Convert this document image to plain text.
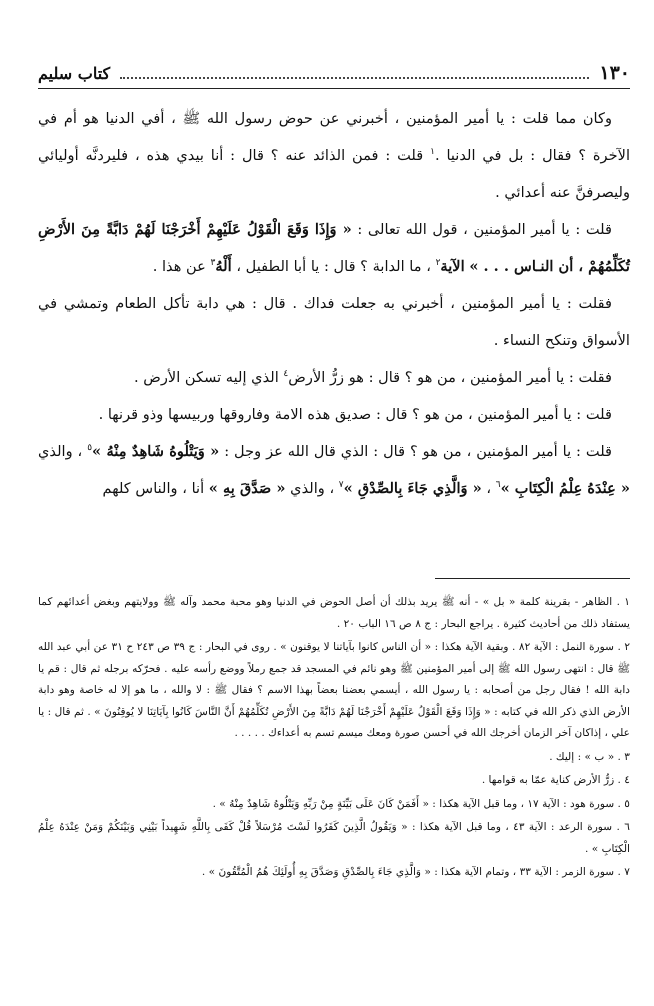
١٣٠
كتاب سليم

وكان مما قلت : يا أمير المؤمنين ، أخبرني عن حوض رسول الله ﷺ ، أفي الدنيا هو أم في الآخرة ؟ فقال : بل في الدنيا .$^١$ قلت : فمن الذائد عنه ؟ قال : أنا بيدي هذه ، فليردنَّه أوليائي وليصرفنَّ عنه أعدائي .

قلت : يا أمير المؤمنين ، قول الله تعالى : « وَإِذَا وَقَعَ الْقَوْلُ عَلَيْهِمْ أَخْرَجْنَا لَهُمْ دَابَّةً مِنَ الأَرْضِ تُكَلِّمُهُمْ ، أن النـاس . . . » الآية$^٢$ ، ما الدابة ؟ قال : يا أبا الطفيل ، أَلْهُ$^٣$ عن هذا .

فقلت : يا أمير المؤمنين ، أخبرني به جعلت فداك . قال : هي دابة تأكل الطعام وتمشي في الأسواق وتنكح النساء .

فقلت : يا أمير المؤمنين ، من هو ؟ قال : هو زرُّ الأرض$^٤$ الذي إليه تسكن الأرض .

قلت : يا أمير المؤمنين ، من هو ؟ قال : صديق هذه الامة وفاروقها وربيسها وذو قرنها .

قلت : يا أمير المؤمنين ، من هو ؟ قال : الذي قال الله عز وجل : « وَيَتْلُوهُ شَاهِدٌ مِنْهُ »$^٥$ ، والذي « عِنْدَهُ عِلْمُ الْكِتَابِ »$^٦$ ، « وَالَّذِي جَاءَ بِالصِّدْقِ »$^٧$ ، والذي « صَدَّقَ بِهِ » أنا ، والناس كلهم

١ . الظاهر - بقرينة كلمة « بل » - أنه ﷺ يريد بذلك أن أصل الحوض في الدنيا وهو محبة محمد وآله ﷺ وولايتهم وبغض أعدائهم كما يستفاد ذلك من أحاديث كثيرة . يراجع البحار : ج ٨ ص ١٦ الباب ٢٠ .

٢ . سورة النمل : الآية ٨٢ . وبقية الآية هكذا : « أن الناس كانوا بآياتنا لا يوقنون » . روى في البحار : ج ٣٩ ص ٢٤٣ ح ٣١ عن أبي عبد الله ﷺ قال : انتهى رسول الله ﷺ إلى أمير المؤمنين ﷺ وهو نائم في المسجد قد جمع رملاً ووضع رأسه عليه . فحرّكه برجله ثم قال : قم يا دابة الله ! فقال رجل من أصحابه : يا رسول الله ، أيسمي بعضنا بعضاً بهذا الاسم ؟ فقال ﷺ : لا والله ، ما هو إلا له خاصة وهو دابة الأرض الذي ذكر الله في كتابه : « وَإِذَا وَقَعَ الْقَوْلُ عَلَيْهِمْ أَخْرَجْنَا لَهُمْ دَابَّةً مِنَ الأَرْضِ تُكَلِّمُهُمْ أَنَّ النَّاسَ كَانُوا بِآيَاتِنَا لا يُوقِنُونَ » . ثم قال : يا علي ، إذاكان آخر الزمان أخرجك الله في أحسن صورة ومعك ميسم تسم به أعداءك . . . . .

٣ . « ب » : إليك .

٤ . زرُّ الأرض كناية عمّا به قوامها .

٥ . سورة هود : الآية ١٧ ، وما قبل الآية هكذا : « أَفَمَنْ كَانَ عَلَى بَيِّنَةٍ مِنْ رَبِّهِ وَيَتْلُوهُ شَاهِدٌ مِنْهُ » .

٦ . سورة الرعد : الآية ٤٣ ، وما قبل الآية هكذا : « وَيَقُولُ الَّذِينَ كَفَرُوا لَسْتَ مُرْسَلاً قُلْ كَفَى بِاللَّهِ شَهِيداً بَيْنِي وَبَيْنَكُمْ وَمَنْ عِنْدَهُ عِلْمُ الْكِتَابِ » .

٧ . سورة الزمر : الآية ٣٣ ، وتمام الآية هكذا : « وَالَّذِي جَاءَ بِالصِّدْقِ وَصَدَّقَ بِهِ أُولَئِكَ هُمُ الْمُتَّقُونَ » .
